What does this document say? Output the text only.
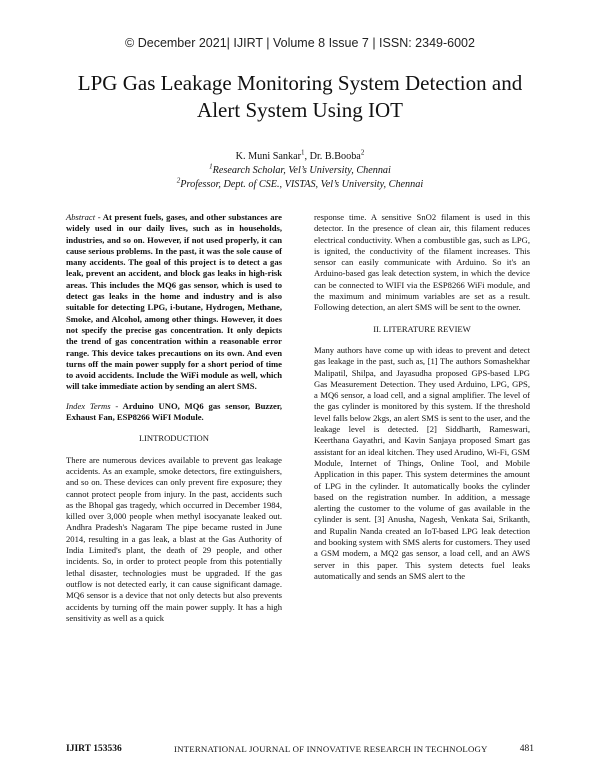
© December 2021| IJIRT | Volume 8 Issue 7 | ISSN: 2349-6002
LPG Gas Leakage Monitoring System Detection and
Alert System Using IOT
K. Muni Sankar$^1$, Dr. B.Booba$^2$
$^1$Research Scholar, Vel’s University, Chennai
$^2$Professor, Dept. of CSE., VISTAS, Vel’s University, Chennai

Abstract - At present fuels, gases, and other substances are widely used in our daily lives, such as in households, industries, and so on. However, if not used properly, it can cause serious problems. In the past, it was the sole cause of many accidents. The goal of this project is to detect a gas leak, prevent an accident, and block gas leaks in high-risk areas. This includes the MQ6 gas sensor, which is used to detect gas leaks in the home and industry and is also suitable for detecting LPG, i-butane, Hydrogen, Methane, Smoke, and Alcohol, among other things. However, it does not specify the precise gas concentration. It only depicts the trend of gas concentration within a reasonable error range. This device takes precautions on its own. And even turns off the main power supply for a short period of time to avoid accidents. Include the WiFi module as well, which will take immediate action by sending an alert SMS.

Index Terms - Arduino UNO, MQ6 gas sensor, Buzzer, Exhaust Fan, ESP8266 WiFI Module.

I.INTRODUCTION

There are numerous devices available to prevent gas leakage accidents. As an example, smoke detectors, fire extinguishers, and so on. These devices can only prevent fire exposure; they cannot protect people from injury. In the past, accidents such as the Bhopal gas tragedy, which occurred in December 1984, killed over 3,000 people when methyl isocyanate leaked out. Andhra Pradesh's Nagaram The pipe became rusted in June 2014, resulting in a gas leak, a blast at the Gas Authority of India Limited's plant, the death of 29 people, and other incidents. So, in order to protect people from this potentially lethal disaster, technologies must be upgraded. If the gas outflow is not detected early, it can cause significant damage. MQ6 sensor is a device that not only detects but also prevents accidents by turning off the main power supply. It has a high sensitivity as well as a quick

response time. A sensitive SnO2 filament is used in this detector. In the presence of clean air, this filament reduces electrical conductivity. When a combustible gas, such as LPG, is ignited, the conductivity of the filament increases. This sensor can easily communicate with Arduino. So it's an Arduino-based gas leak detection system, in which the device can be connected to WIFI via the ESP8266 WiFi module, and the maximum and minimum variables are set as a result. Following detection, an alert SMS will be sent to the owner.

II. LITERATURE REVIEW

Many authors have come up with ideas to prevent and detect gas leakage in the past, such as, [1] The authors Somashekhar Malipatil, Shilpa, and Jayasudha proposed GPS-based LPG Gas Measurement Detection. They used Arduino, LPG, GPS, a MQ6 sensor, a load cell, and a signal amplifier. The level of the gas cylinder is monitored by this system. If the threshold level falls below 2kgs, an alert SMS is sent to the user, and the leakage level is detected. [2] Siddharth, Rameswari, Keerthana Gayathri, and Kavin Sanjaya proposed Smart gas assistant for an ideal kitchen. They used Arudino, Wi-Fi, GSM Module, Internet of Things, Online Tool, and Mobile Application in this paper. This system determines the amount of LPG in the cylinder. It automatically books the cylinder based on the registration number. In addition, a message alerting the customer to the volume of gas available in the cylinder is sent. [3] Anusha, Nagesh, Venkata Sai, Srikanth, and Rupalin Nanda created an IoT-based LPG leak detection and booking system with SMS alerts for customers. They used a GSM modem, a MQ2 gas sensor, a load cell, and an AWS server in this paper. This system detects fuel leaks automatically and sends an SMS alert to the

IJIRT 153536	INTERNATIONAL JOURNAL OF INNOVATIVE RESEARCH IN TECHNOLOGY	481
